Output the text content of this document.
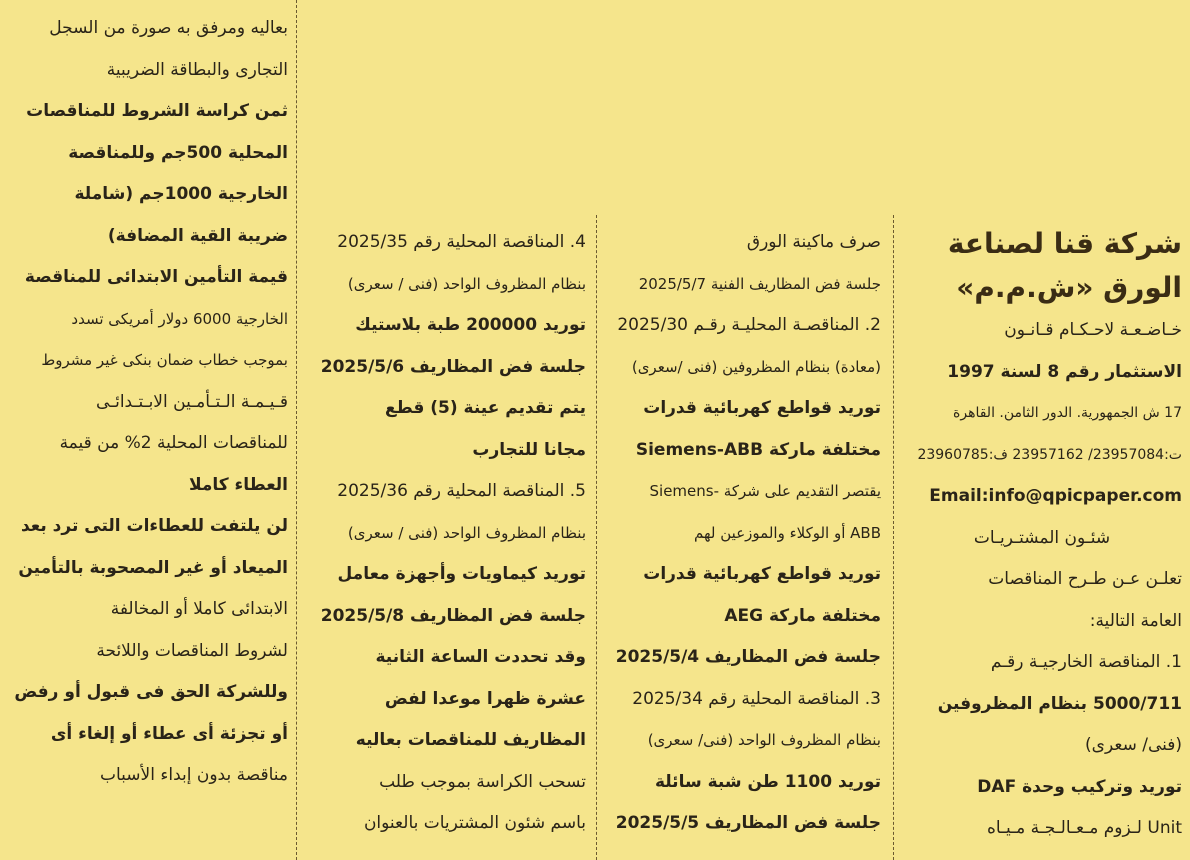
شركة قنا لصناعة
الورق «ش.م.م»
خـاضـعـة لاحـكـام قـانـون
الاستثمار رقم 8 لسنة 1997
17 ش الجمهورية. الدور الثامن. القاهرة
ت:23957084/ 23957162 ف:23960785
Email:info@qpicpaper.com
شئـون المشتـريـات
تعلـن عـن طـرح المناقصات
العامة التالية:
1. المناقصة الخارجيـة رقـم
5000/711 بنظام المظروفين
(فنى/ سعرى)
توريد وتركيب وحدة DAF
Unit لـزوم مـعـالـجـة مـيـاه
صرف ماكينة الورق
جلسة فض المظاريف الفنية 2025/5/7
2. المناقصـة المحليـة رقـم 2025/30
(معادة) بنظام المظروفين (فنى /سعرى)
توريد قواطع كهربائية قدرات
مختلفة ماركة Siemens-ABB
يقتصر التقديم على شركة -Siemens
ABB أو الوكلاء والموزعين لهم
توريد قواطع كهربائية قدرات
مختلفة ماركة AEG
جلسة فض المظاريف 2025/5/4
3. المناقصة المحلية رقم 2025/34
بنظام المظروف الواحد (فنى/ سعرى)
توريد 1100 طن شبة سائلة
جلسة فض المظاريف 2025/5/5
4. المناقصة المحلية رقم 2025/35
بنظام المظروف الواحد (فنى / سعرى)
توريد 200000 طبة بلاستيك
جلسة فض المظاريف 2025/5/6
يتم تقديم عينة (5) قطع
مجانا للتجارب
5. المناقصة المحلية رقم 2025/36
بنظام المظروف الواحد (فنى / سعرى)
توريد كيماويات وأجهزة معامل
جلسة فض المظاريف 2025/5/8
وقد تحددت الساعة الثانية
عشرة ظهرا موعدا لفض
المظاريف للمناقصات بعاليه
تسحب الكراسة بموجب طلب
باسم شئون المشتريات بالعنوان
بعاليه ومرفق به صورة من السجل
التجارى والبطاقة الضريبية
ثمن كراسة الشروط للمناقصات
المحلية 500جم وللمناقصة
الخارجية 1000جم (شاملة
ضريبة القية المضافة)
قيمة التأمين الابتدائى للمناقصة
الخارجية 6000 دولار أمريكى تسدد
بموجب خطاب ضمان بنكى غير مشروط
قـيـمـة الـتـأمـين الابـتـدائـى
للمناقصات المحلية 2% من قيمة
العطاء كاملا
لن يلتفت للعطاءات التى ترد بعد
الميعاد أو غير المصحوبة بالتأمين
الابتدائى كاملا أو المخالفة
لشروط المناقصات واللائحة
وللشركة الحق فى قبول أو رفض
أو تجزئة أى عطاء أو إلغاء أى
مناقصة بدون إبداء الأسباب
